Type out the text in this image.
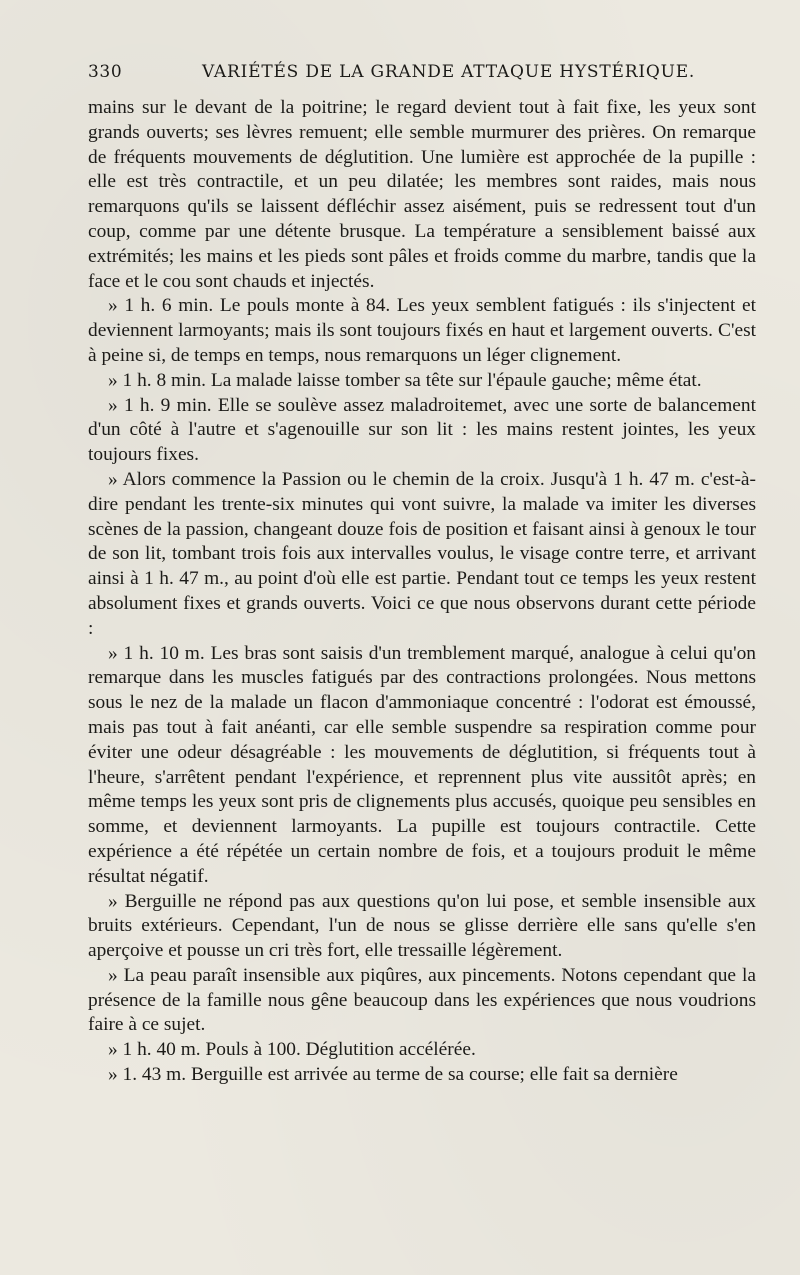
330	VARIÉTÉS DE LA GRANDE ATTAQUE HYSTÉRIQUE.

mains sur le devant de la poitrine; le regard devient tout à fait fixe, les yeux sont grands ouverts; ses lèvres remuent; elle semble murmurer des prières. On remarque de fréquents mouvements de déglutition. Une lumière est approchée de la pupille : elle est très contractile, et un peu dilatée; les membres sont raides, mais nous remarquons qu'ils se laissent défléchir assez aisément, puis se redressent tout d'un coup, comme par une détente brusque. La température a sensiblement baissé aux extrémités; les mains et les pieds sont pâles et froids comme du marbre, tandis que la face et le cou sont chauds et injectés.

» 1 h. 6 min. Le pouls monte à 84. Les yeux semblent fatigués : ils s'injectent et deviennent larmoyants; mais ils sont toujours fixés en haut et largement ouverts. C'est à peine si, de temps en temps, nous remarquons un léger clignement.

» 1 h. 8 min. La malade laisse tomber sa tête sur l'épaule gauche; même état.

» 1 h. 9 min. Elle se soulève assez maladroitemet, avec une sorte de balancement d'un côté à l'autre et s'agenouille sur son lit : les mains restent jointes, les yeux toujours fixes.

» Alors commence la Passion ou le chemin de la croix. Jusqu'à 1 h. 47 m. c'est-à-dire pendant les trente-six minutes qui vont suivre, la malade va imiter les diverses scènes de la passion, changeant douze fois de position et faisant ainsi à genoux le tour de son lit, tombant trois fois aux intervalles voulus, le visage contre terre, et arrivant ainsi à 1 h. 47 m., au point d'où elle est partie. Pendant tout ce temps les yeux restent absolument fixes et grands ouverts. Voici ce que nous observons durant cette période :

» 1 h. 10 m. Les bras sont saisis d'un tremblement marqué, analogue à celui qu'on remarque dans les muscles fatigués par des contractions prolongées. Nous mettons sous le nez de la malade un flacon d'ammoniaque concentré : l'odorat est émoussé, mais pas tout à fait anéanti, car elle semble suspendre sa respiration comme pour éviter une odeur désagréable : les mouvements de déglutition, si fréquents tout à l'heure, s'arrêtent pendant l'expérience, et reprennent plus vite aussitôt après; en même temps les yeux sont pris de clignements plus accusés, quoique peu sensibles en somme, et deviennent larmoyants. La pupille est toujours contractile. Cette expérience a été répétée un certain nombre de fois, et a toujours produit le même résultat négatif.

» Berguille ne répond pas aux questions qu'on lui pose, et semble insensible aux bruits extérieurs. Cependant, l'un de nous se glisse derrière elle sans qu'elle s'en aperçoive et pousse un cri très fort, elle tressaille légèrement.

» La peau paraît insensible aux piqûres, aux pincements. Notons cependant que la présence de la famille nous gêne beaucoup dans les expériences que nous voudrions faire à ce sujet.

» 1 h. 40 m. Pouls à 100. Déglutition accélérée.

» 1. 43 m. Berguille est arrivée au terme de sa course; elle fait sa dernière
